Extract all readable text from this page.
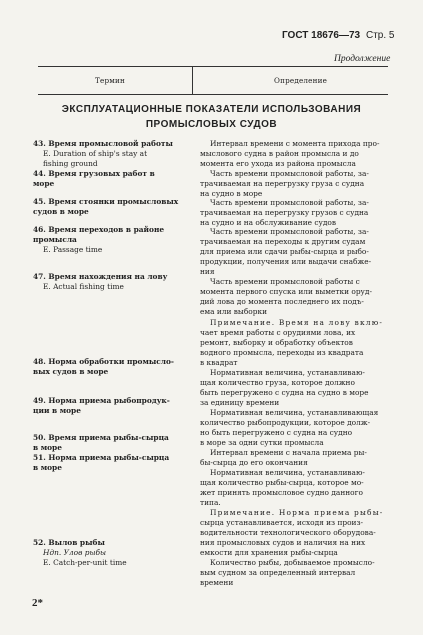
ГОСТ 18676—73 Стр. 5
Продолжение
Термин	Определение
ЭКСПЛУАТАЦИОННЫЕ ПОКАЗАТЕЛИ ИСПОЛЬЗОВАНИЯ
ПРОМЫСЛОВЫХ СУДОВ
43. Время промысловой работы
E. Duration of ship's stay at
fishing ground
44. Время грузовых работ в
море
45. Время стоянки промысловых
судов в море
46. Время переходов в районе
промысла
E. Passage time
47. Время нахождения на лову
E. Actual fishing time
48. Норма обработки промысло-
вых судов в море
49. Норма приема рыбопродук-
ции в море
50. Время приема рыбы-сырца
в море
51. Норма приема рыбы-сырца
в море
52. Вылов рыбы
Ндп. Улов рыбы
E. Catch-per-unit time
Интервал времени с момента прихода про-
мыслового судна в район промысла и до
момента его ухода из района промысла
Часть времени промысловой работы, за-
трачиваемая на перегрузку груза с судна
на судно в море
Часть времени промысловой работы, за-
трачиваемая на перегрузку грузов с судна
на судно и на обслуживание судов
Часть времени промысловой работы, за-
трачиваемая на переходы к другим судам
для приема или сдачи рыбы-сырца и рыбо-
продукции, получения или выдачи снабже-
ния
Часть времени промысловой работы с
момента первого спуска или выметки оруд-
дий лова до момента последнего их подъ-
ема или выборки
Примечание. Время на лову вклю-
чает время работы с орудиями лова, их
ремонт, выборку и обработку объектов
водного промысла, переходы из квадрата
в квадрат
Нормативная величина, устанавливаю-
щая количество груза, которое должно
быть перегружено с судна на судно в море
за единицу времени
Нормативная величина, устанавливающая
количество рыбопродукции, которое долж-
но быть перегружено с судна на судно
в море за одни сутки промысла
Интервал времени с начала приема ры-
бы-сырца до его окончания
Нормативная величина, устанавливаю-
щая количество рыбы-сырца, которое мо-
жет принять промысловое судно данного
типа.
Примечание. Норма приема рыбы-
сырца устанавливается, исходя из произ-
водительности технологического оборудова-
ния промысловых судов и наличия на них
емкости для хранения рыбы-сырца
Количество рыбы, добываемое промысло-
вым судном за определенный интервал
времени
2*
